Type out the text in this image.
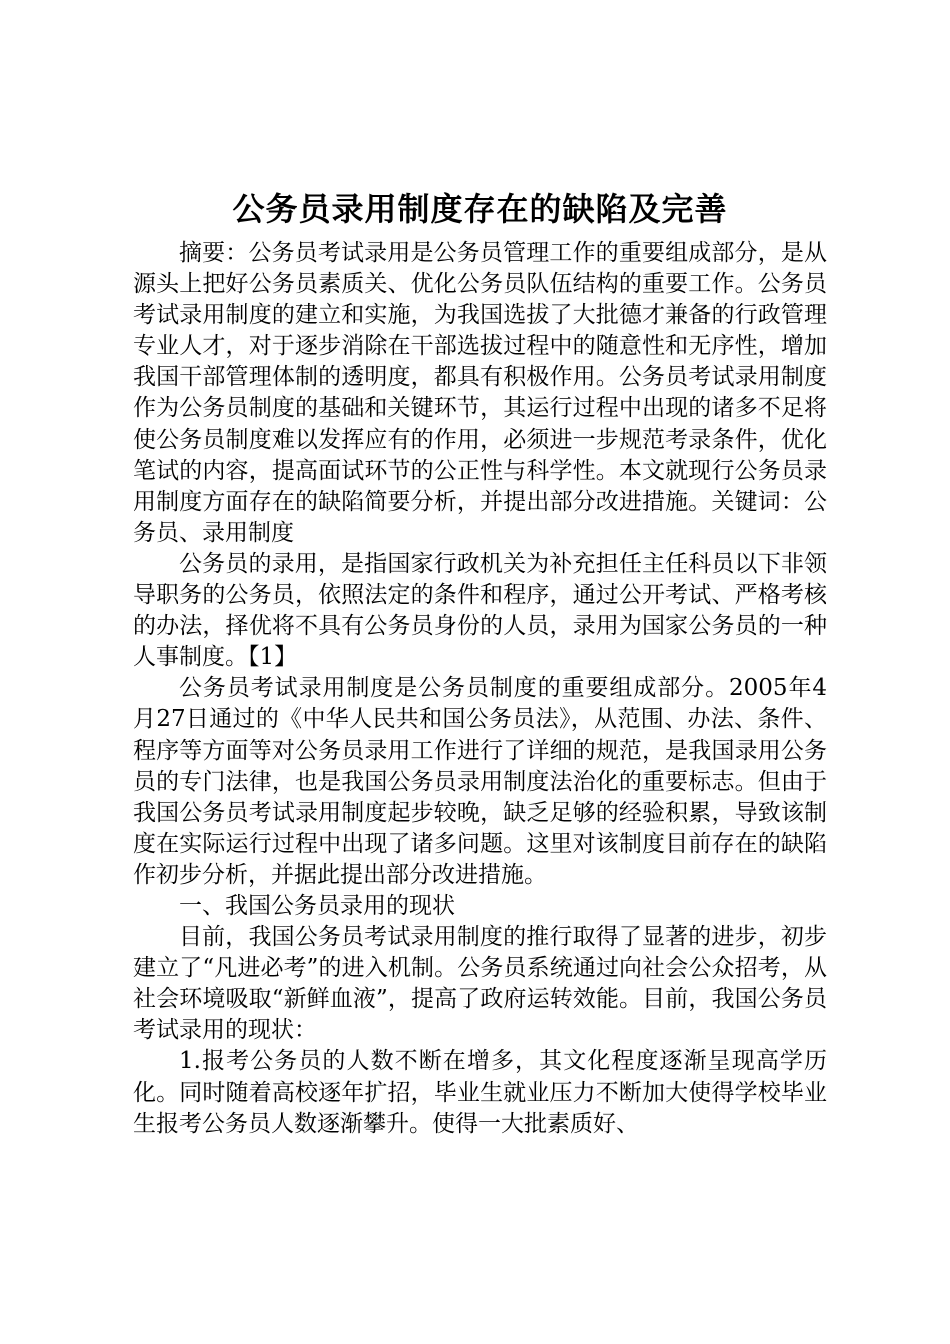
公务员录用制度存在的缺陷及完善

摘要：公务员考试录用是公务员管理工作的重要组成部分，是从源头上把好公务员素质关、优化公务员队伍结构的重要工作。公务员考试录用制度的建立和实施，为我国选拔了大批德才兼备的行政管理专业人才，对于逐步消除在干部选拔过程中的随意性和无序性，增加我国干部管理体制的透明度，都具有积极作用。公务员考试录用制度作为公务员制度的基础和关键环节，其运行过程中出现的诸多不足将使公务员制度难以发挥应有的作用，必须进一步规范考录条件，优化笔试的内容，提高面试环节的公正性与科学性。本文就现行公务员录用制度方面存在的缺陷简要分析，并提出部分改进措施。关键词：公务员、录用制度

公务员的录用，是指国家行政机关为补充担任主任科员以下非领导职务的公务员，依照法定的条件和程序，通过公开考试、严格考核的办法，择优将不具有公务员身份的人员，录用为国家公务员的一种人事制度。【1】

公务员考试录用制度是公务员制度的重要组成部分。2005年4月27日通过的《中华人民共和国公务员法》，从范围、办法、条件、程序等方面等对公务员录用工作进行了详细的规范，是我国录用公务员的专门法律，也是我国公务员录用制度法治化的重要标志。但由于我国公务员考试录用制度起步较晚，缺乏足够的经验积累，导致该制度在实际运行过程中出现了诸多问题。这里对该制度目前存在的缺陷作初步分析，并据此提出部分改进措施。

一、我国公务员录用的现状

目前，我国公务员考试录用制度的推行取得了显著的进步，初步建立了“凡进必考”的进入机制。公务员系统通过向社会公众招考，从社会环境吸取“新鲜血液”，提高了政府运转效能。目前，我国公务员考试录用的现状：

1.报考公务员的人数不断在增多，其文化程度逐渐呈现高学历化。同时随着高校逐年扩招，毕业生就业压力不断加大使得学校毕业生报考公务员人数逐渐攀升。使得一大批素质好、
